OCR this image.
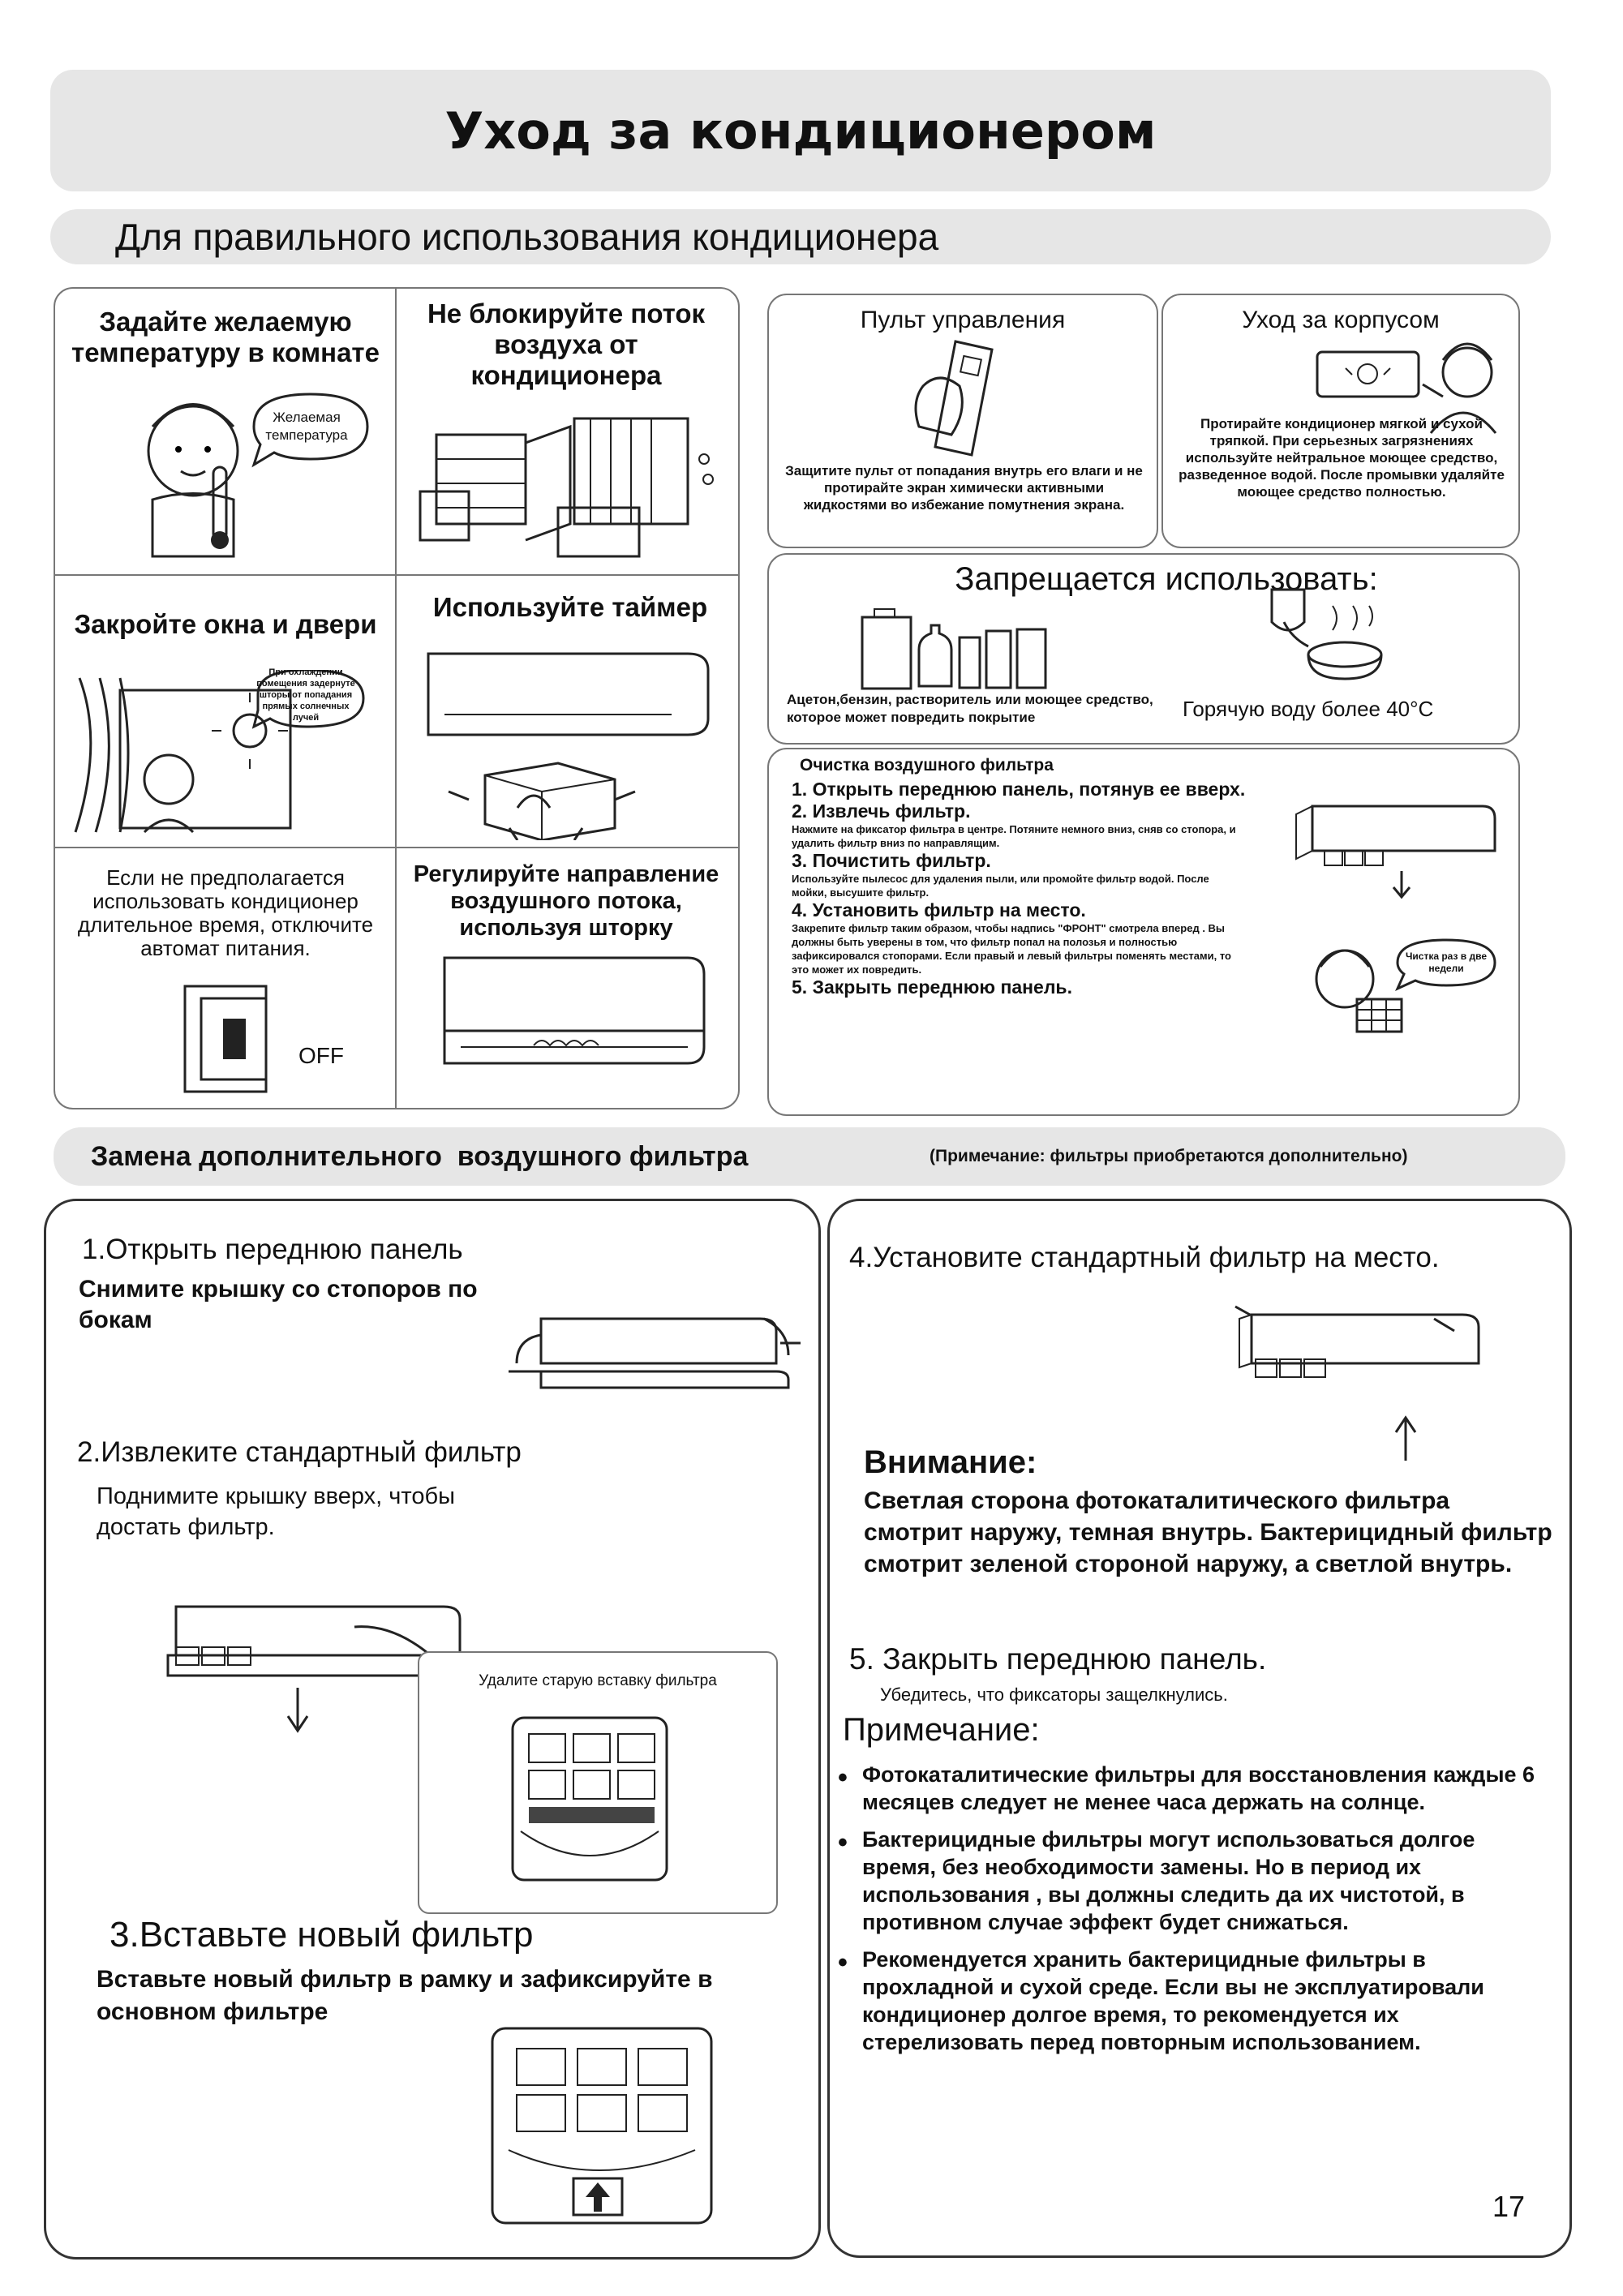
Уход за кондиционером
Для правильного использования кондиционера
Задайте желаемую температуру в комнате
Желаемая температура
Не блокируйте поток воздуха от кондиционера
Закройте окна и двери
При охлаждении помещения задернуте шторы от попадания прямых солнечных лучей
Используйте таймер
Если не предполагается использовать кондиционер длительное время, отключите автомат питания.
OFF
Регулируйте направление воздушного потока, используя шторку
Пульт управления
Защитите пульт от попадания внутрь его влаги и не протирайте экран химически активными жидкостями во избежание помутнения экрана.
Уход за корпусом
Протирайте кондиционер мягкой и сухой тряпкой. При серьезных загрязнениях используйте нейтральное моющее средство, разведенное водой. После промывки удаляйте моющее средство полностью.
Запрещается использовать:
Ацетон,бензин, растворитель или моющее средство, которое может повредить покрытие	Горячую воду более 40°С
Очистка воздушного фильтра
1. Открыть переднюю панель, потянув ее вверх.
2. Извлечь фильтр.
Нажмите на фиксатор фильтра в центре. Потяните немного вниз, сняв со стопора, и удалить фильтр вниз по направлящим.
3. Почистить фильтр.
Используйте пылесос для удаления пыли, или промойте фильтр водой. После мойки, высушите фильтр.
4. Установить фильтр на место.
Закрепите фильтр таким образом, чтобы надпись "ФРОНТ" смотрела вперед . Вы должны быть уверены в том, что фильтр попал на полозья и полностью зафиксировался стопорами. Если правый и левый фильтры поменять местами, то это может их повредить.
5. Закрыть переднюю панель.
Чистка раз в две недели
Замена дополнительного  воздушного фильтра	(Примечание: фильтры приобретаются дополнительно)
1.Открыть переднюю панель
Снимите крышку со стопоров по бокам
2.Извлеките стандартный фильтр
Поднимите крышку вверх, чтобы достать фильтр.
Удалите старую вставку фильтра
3.Вставьте новый фильтр
Вставьте новый фильтр в рамку и зафиксируйте в основном фильтре
4.Установите стандартный фильтр на место.
Внимание:
Светлая сторона фотокаталитического фильтра смотрит наружу, темная внутрь. Бактерицидный фильтр смотрит зеленой стороной наружу, а светлой внутрь.
5. Закрыть переднюю панель.
Убедитесь, что фиксаторы защелкнулись.
Примечание:
• Фотокаталитические фильтры для восстановления каждые 6 месяцев следует не менее часа держать на солнце.
• Бактерицидные фильтры могут использоваться долгое время, без необходимости замены. Но в период их использования , вы должны следить да их чистотой, в противном случае эффект будет снижаться.
• Рекомендуется хранить бактерицидные фильтры в прохладной и сухой среде. Если вы не эксплуатировали кондиционер долгое время, то рекомендуется их стерелизовать перед повторным использованием.
17
